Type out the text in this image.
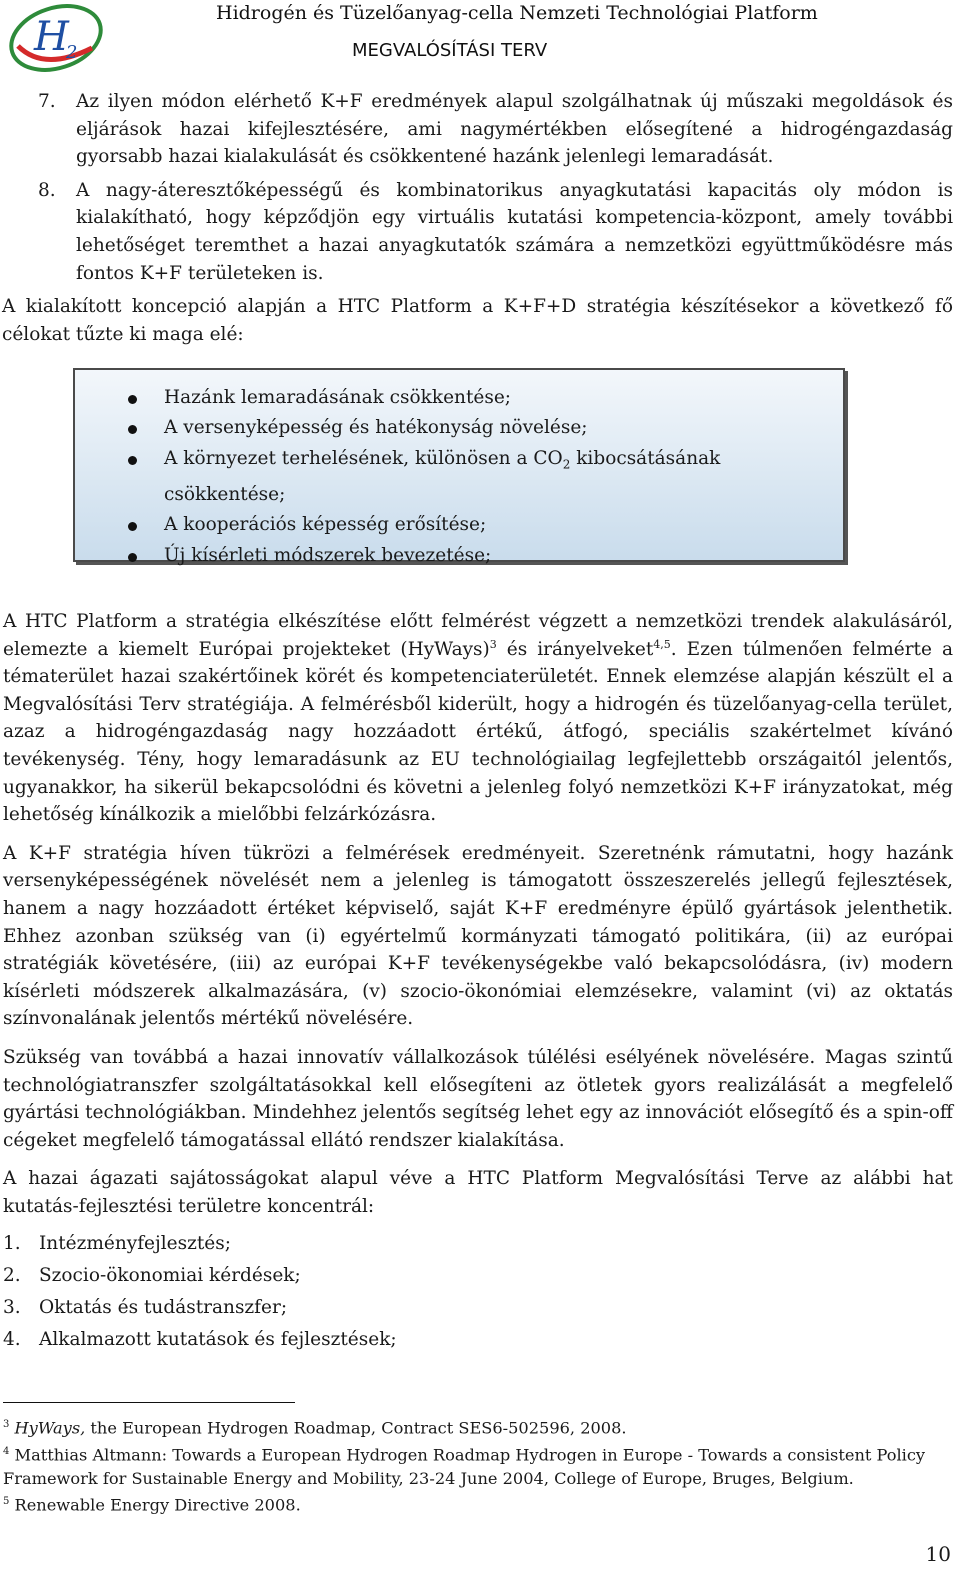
H
2
Hidrogén és Tüzelőanyag-cella Nemzeti Technológiai Platform
MEGVALÓSÍTÁSI TERV
7.	Az ilyen módon elérhető K+F eredmények alapul szolgálhatnak új műszaki megoldások és eljárások hazai kifejlesztésére, ami nagymértékben elősegítené a hidrogéngazdaság gyorsabb hazai kialakulását és csökkentené hazánk jelenlegi lemaradását.
8.	A nagy-áteresztőképességű és kombinatorikus anyagkutatási kapacitás oly módon is kialakítható, hogy képződjön egy virtuális kutatási kompetencia-központ, amely további lehetőséget teremthet a hazai anyagkutatók számára a nemzetközi együttműködésre más fontos K+F területeken is.

A kialakított koncepció alapján a HTC Platform a K+F+D stratégia készítésekor a következő fő célokat tűzte ki maga elé:

Hazánk lemaradásának csökkentése;
A versenyképesség és hatékonyság növelése;
A környezet terhelésének, különösen a $CO_2$ kibocsátásának csökkentése;
A kooperációs képesség erősítése;
Új kísérleti módszerek bevezetése;

A HTC Platform a stratégia elkészítése előtt felmérést végzett a nemzetközi trendek alakulásáról, elemezte a kiemelt Európai projekteket (HyWays)$^3$ és irányelveket$^{4,5}$. Ezen túlmenően felmérte a tématerület hazai szakértőinek körét és kompetenciaterületét. Ennek elemzése alapján készült el a Megvalósítási Terv stratégiája. A felmérésből kiderült, hogy a hidrogén és tüzelőanyag-cella terület, azaz a hidrogéngazdaság nagy hozzáadott értékű, átfogó, speciális szakértelmet kívánó tevékenység. Tény, hogy lemaradásunk az EU technológiailag legfejlettebb országaitól jelentős, ugyanakkor, ha sikerül bekapcsolódni és követni a jelenleg folyó nemzetközi K+F irányzatokat, még lehetőség kínálkozik a mielőbbi felzárkózásra.

A K+F stratégia híven tükrözi a felmérések eredményeit. Szeretnénk rámutatni, hogy hazánk versenyképességének növelését nem a jelenleg is támogatott összeszerelés jellegű fejlesztések, hanem a nagy hozzáadott értéket képviselő, saját K+F eredményre épülő gyártások jelenthetik. Ehhez azonban szükség van (i) egyértelmű kormányzati támogató politikára, (ii) az európai stratégiák követésére, (iii) az európai K+F tevékenységekbe való bekapcsolódásra, (iv) modern kísérleti módszerek alkalmazására, (v) szocio-ökonómiai elemzésekre, valamint (vi) az oktatás színvonalának jelentős mértékű növelésére.

Szükség van továbbá a hazai innovatív vállalkozások túlélési esélyének növelésére. Magas szintű technológiatranszfer szolgáltatásokkal kell elősegíteni az ötletek gyors realizálását a megfelelő gyártási technológiákban. Mindehhez jelentős segítség lehet egy az innovációt elősegítő és a spin-off cégeket megfelelő támogatással ellátó rendszer kialakítása.

A hazai ágazati sajátosságokat alapul véve a HTC Platform Megvalósítási Terve az alábbi hat kutatás-fejlesztési területre koncentrál:

1. Intézményfejlesztés;
2. Szocio-ökonomiai kérdések;
3. Oktatás és tudástranszfer;
4. Alkalmazott kutatások és fejlesztések;
$^3$ HyWays, the European Hydrogen Roadmap, Contract SES6-502596, 2008.
$^4$ Matthias Altmann: Towards a European Hydrogen Roadmap Hydrogen in Europe - Towards a consistent Policy
Framework for Sustainable Energy and Mobility, 23-24 June 2004, College of Europe, Bruges, Belgium.
$^5$ Renewable Energy Directive 2008.
10
